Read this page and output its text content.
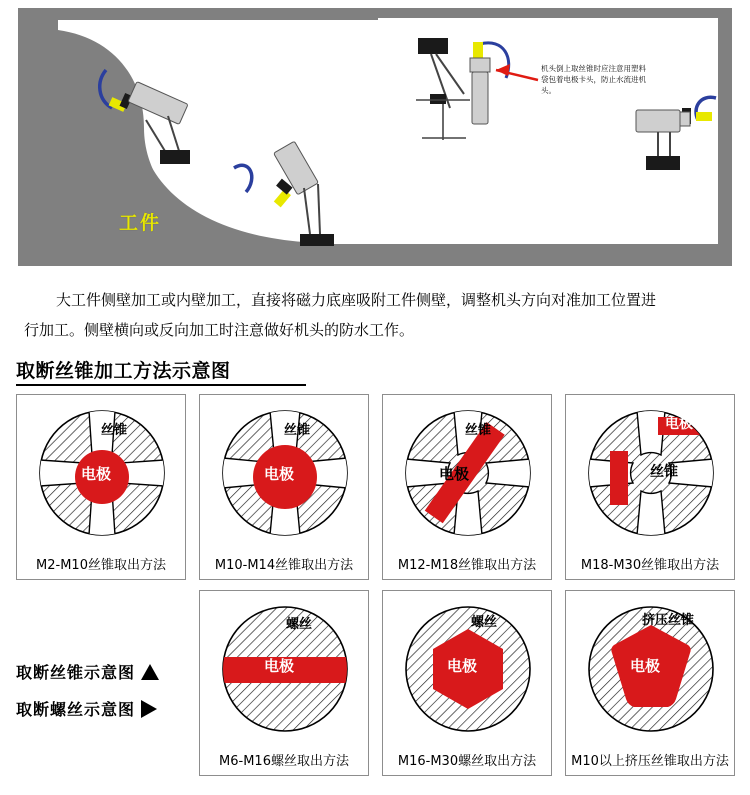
工件
机头倒上取丝锥时应注意用塑料袋包着电极卡头，防止水流进机头。

大工件侧壁加工或内壁加工，直接将磁力底座吸附工件侧壁，调整机头方向对准加工位置进

行加工。侧壁横向或反向加工时注意做好机头的防水工作。

取断丝锥加工方法示意图
丝锥
电极
M2-M10丝锥取出方法
丝锥
电极
M10-M14丝锥取出方法
丝锥
电极
M12-M18丝锥取出方法
电极
丝锥
M18-M30丝锥取出方法
螺丝
电极
M6-M16螺丝取出方法
螺丝
电极
M16-M30螺丝取出方法
挤压丝锥
电极
M10以上挤压丝锥取出方法
取断丝锥示意图
取断螺丝示意图
